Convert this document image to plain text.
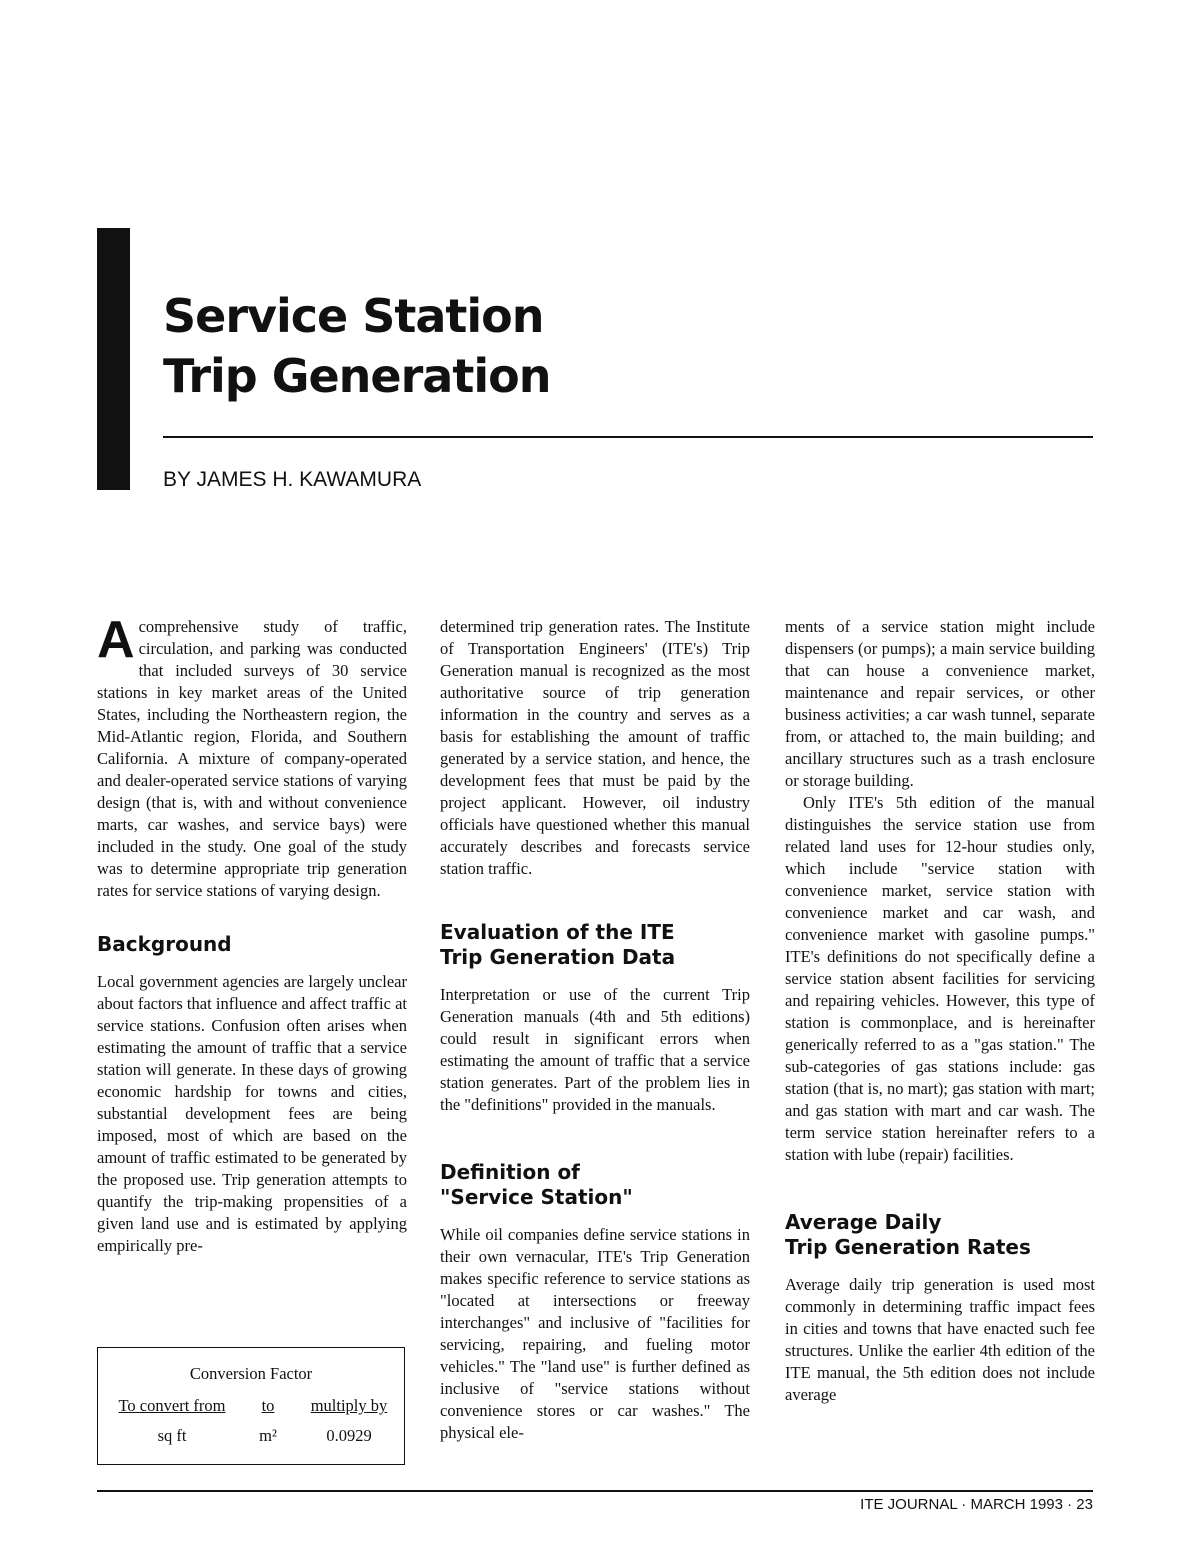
Service Station
Trip Generation
BY JAMES H. KAWAMURA

Acomprehensive study of traffic, circulation, and parking was conducted that included surveys of 30 service stations in key market areas of the United States, including the Northeastern region, the Mid-Atlantic region, Florida, and Southern California. A mixture of company-operated and dealer-operated service stations of varying design (that is, with and without convenience marts, car washes, and service bays) were included in the study. One goal of the study was to determine appropriate trip generation rates for service stations of varying design.

Background

Local government agencies are largely unclear about factors that influence and affect traffic at service stations. Confusion often arises when estimating the amount of traffic that a service station will generate. In these days of growing economic hardship for towns and cities, substantial development fees are being imposed, most of which are based on the amount of traffic estimated to be generated by the proposed use. Trip generation attempts to quantify the trip-making propensities of a given land use and is estimated by applying empirically pre-

Conversion Factor
To convert from	to	multiply by
sq ft	m²	0.0929

determined trip generation rates. The Institute of Transportation Engineers' (ITE's) Trip Generation manual is recognized as the most authoritative source of trip generation information in the country and serves as a basis for establishing the amount of traffic generated by a service station, and hence, the development fees that must be paid by the project applicant. However, oil industry officials have questioned whether this manual accurately describes and forecasts service station traffic.

Evaluation of the ITE
Trip Generation Data

Interpretation or use of the current Trip Generation manuals (4th and 5th editions) could result in significant errors when estimating the amount of traffic that a service station generates. Part of the problem lies in the "definitions" provided in the manuals.

Definition of
"Service Station"

While oil companies define service stations in their own vernacular, ITE's Trip Generation makes specific reference to service stations as "located at intersections or freeway interchanges" and inclusive of "facilities for servicing, repairing, and fueling motor vehicles." The "land use" is further defined as inclusive of "service stations without convenience stores or car washes." The physical ele-

ments of a service station might include dispensers (or pumps); a main service building that can house a convenience market, maintenance and repair services, or other business activities; a car wash tunnel, separate from, or attached to, the main building; and ancillary structures such as a trash enclosure or storage building.

Only ITE's 5th edition of the manual distinguishes the service station use from related land uses for 12-hour studies only, which include "service station with convenience market, service station with convenience market and car wash, and convenience market with gasoline pumps." ITE's definitions do not specifically define a service station absent facilities for servicing and repairing vehicles. However, this type of station is commonplace, and is hereinafter generically referred to as a "gas station." The sub-categories of gas stations include: gas station (that is, no mart); gas station with mart; and gas station with mart and car wash. The term service station hereinafter refers to a station with lube (repair) facilities.

Average Daily
Trip Generation Rates

Average daily trip generation is used most commonly in determining traffic impact fees in cities and towns that have enacted such fee structures. Unlike the earlier 4th edition of the ITE manual, the 5th edition does not include average

ITE JOURNAL · MARCH 1993 · 23
